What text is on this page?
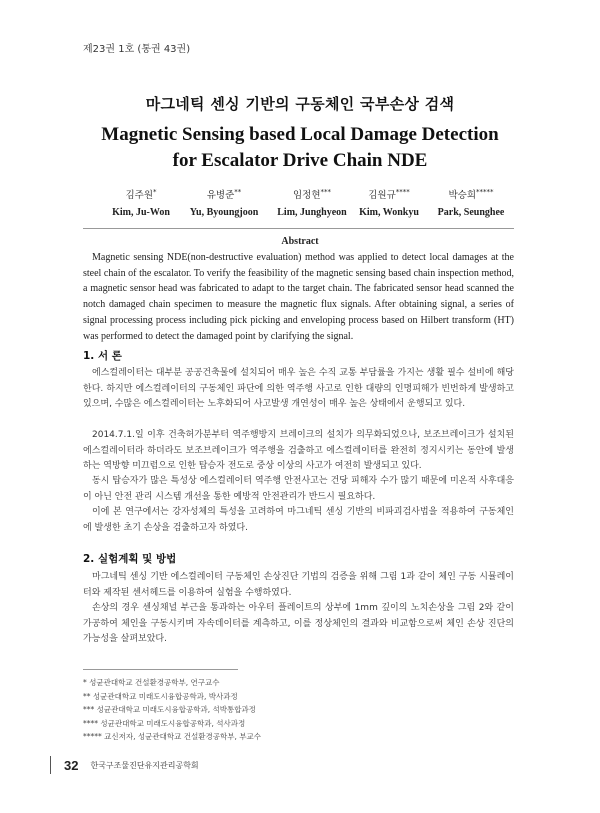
제23권 1호 (통권 43권)
마그네틱 센싱 기반의 구동체인 국부손상 검색
Magnetic Sensing based Local Damage Detection
for Escalator Drive Chain NDE
김주원*
Kim, Ju-Won
유병준**
Yu, Byoungjoon
임정현***
Lim, Junghyeon
김원규****
Kim, Wonkyu
박승희*****
Park, Seunghee
Abstract
Magnetic sensing NDE(non-destructive evaluation) method was applied to detect local damages at the steel chain of the escalator. To verify the feasibility of the magnetic sensing based chain inspection method, a magnetic sensor head was fabricated to adapt to the target chain. The fabricated sensor head scanned the notch damaged chain specimen to measure the magnetic flux signals. After obtaining signal, a series of signal processing process including pick picking and enveloping process based on Hilbert transform (HT) was performed to detect the damaged point by clarifying the signal.
1. 서 론
에스컬레이터는 대부분 공공건축물에 설치되어 매우 높은 수직 교통 부담률을 가지는 생활 필수 설비에 해당한다. 하지만 에스컬레이터의 구동체인 파단에 의한 역주행 사고로 인한 대량의 인명피해가 빈번하게 발생하고 있으며, 수많은 에스컬레이터는 노후화되어 사고발생 개연성이 매우 높은 상태에서 운행되고 있다.
2014.7.1.일 이후 건축허가분부터 역주행방지 브레이크의 설치가 의무화되었으나, 보조브레이크가 설치된 에스컬레이터라 하더라도 보조브레이크가 역주행을 검출하고 에스컬레이터를 완전히 정지시키는 동안에 발생하는 역방향 미끄럼으로 인한 탑승자 전도로 중상 이상의 사고가 여전히 발생되고 있다.
동시 탑승자가 많은 특성상 에스컬레이터 역주행 안전사고는 건당 피해자 수가 많기 때문에 미온적 사후대응이 아닌 안전 관리 시스템 개선을 통한 예방적 안전관리가 반드시 필요하다.
이에 본 연구에서는 강자성체의 특성을 고려하여 마그네틱 센싱 기반의 비파괴검사법을 적용하여 구동체인에 발생한 초기 손상을 검출하고자 하였다.
2. 실험계획 및 방법
마그네틱 센싱 기반 에스컬레이터 구동체인 손상진단 기법의 검증을 위해 그림 1과 같이 체인 구동 시뮬레이터와 제작된 센서헤드를 이용하여 실험을 수행하였다.
손상의 경우 센싱채널 부근을 통과하는 아우터 플레이트의 상부에 1mm 깊이의 노치손상을 그림 2와 같이 가공하여 체인을 구동시키며 자속데이터를 계측하고, 이를 정상체인의 결과와 비교함으로써 체인 손상 진단의 가능성을 살펴보았다.
* 성균관대학교 건설환경공학부, 연구교수
** 성균관대학교 미래도시융합공학과, 박사과정
*** 성균관대학교 미래도시융합공학과, 석박통합과정
**** 성균관대학교 미래도시융합공학과, 석사과정
***** 교신저자, 성균관대학교 건설환경공학부, 부교수
32 한국구조물진단유지관리공학회
